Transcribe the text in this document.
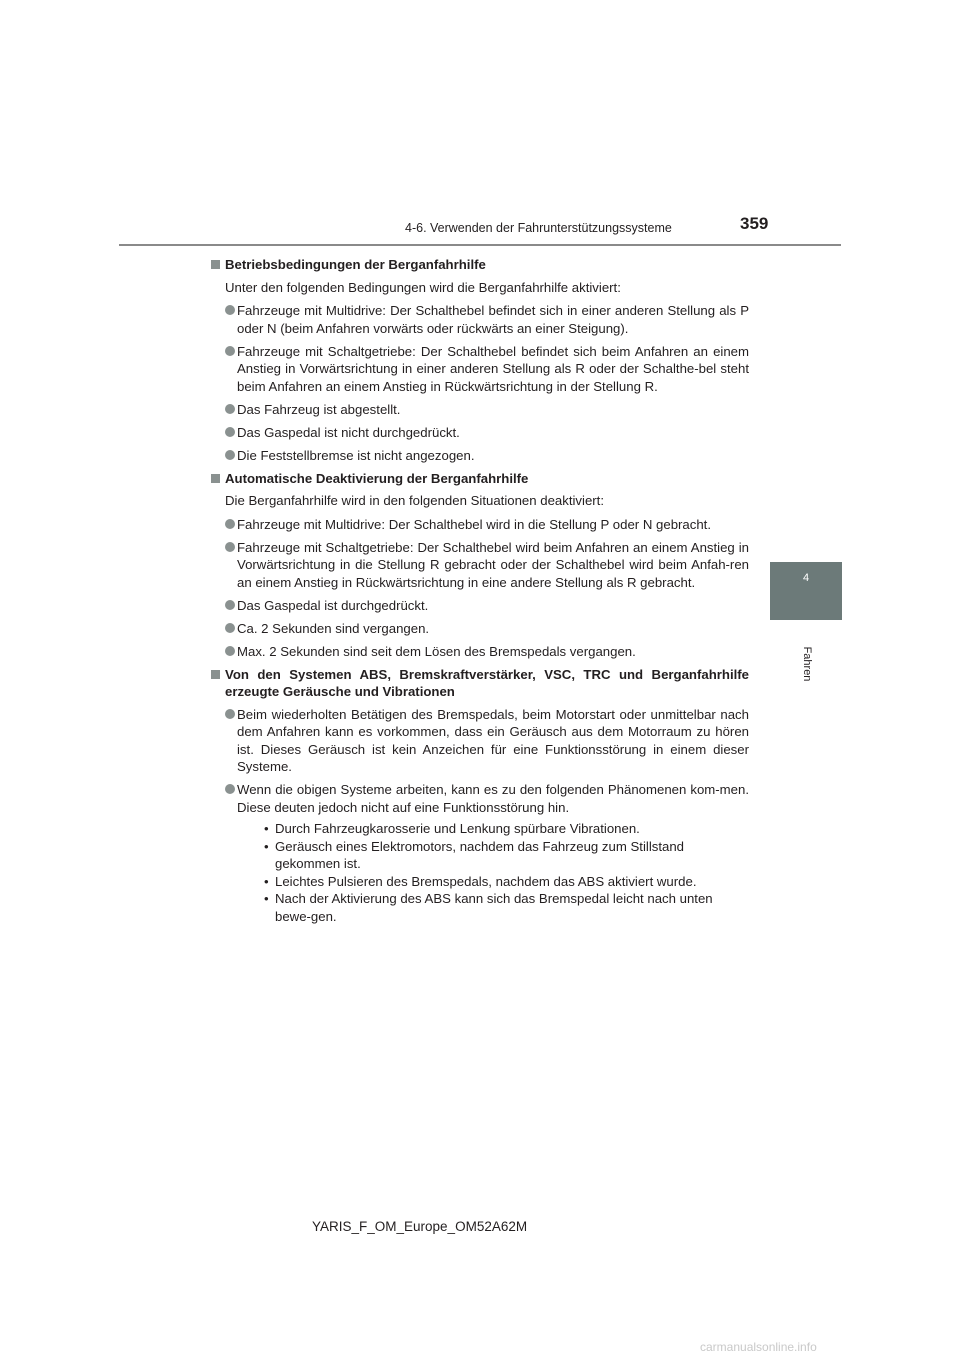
4-6. Verwenden der Fahrunterstützungssysteme	359
4
Fahren
Betriebsbedingungen der Berganfahrhilfe
Unter den folgenden Bedingungen wird die Berganfahrhilfe aktiviert:
Fahrzeuge mit Multidrive: Der Schalthebel befindet sich in einer anderen Stellung als P oder N (beim Anfahren vorwärts oder rückwärts an einer Steigung).
Fahrzeuge mit Schaltgetriebe: Der Schalthebel befindet sich beim Anfahren an einem Anstieg in Vorwärtsrichtung in einer anderen Stellung als R oder der Schalthe-bel steht beim Anfahren an einem Anstieg in Rückwärtsrichtung in der Stellung R.
Das Fahrzeug ist abgestellt.
Das Gaspedal ist nicht durchgedrückt.
Die Feststellbremse ist nicht angezogen.
Automatische Deaktivierung der Berganfahrhilfe
Die Berganfahrhilfe wird in den folgenden Situationen deaktiviert:
Fahrzeuge mit Multidrive: Der Schalthebel wird in die Stellung P oder N gebracht.
Fahrzeuge mit Schaltgetriebe: Der Schalthebel wird beim Anfahren an einem Anstieg in Vorwärtsrichtung in die Stellung R gebracht oder der Schalthebel wird beim Anfah-ren an einem Anstieg in Rückwärtsrichtung in eine andere Stellung als R gebracht.
Das Gaspedal ist durchgedrückt.
Ca. 2 Sekunden sind vergangen.
Max. 2 Sekunden sind seit dem Lösen des Bremspedals vergangen.
Von den Systemen ABS, Bremskraftverstärker, VSC, TRC und Berganfahrhilfe erzeugte Geräusche und Vibrationen
Beim wiederholten Betätigen des Bremspedals, beim Motorstart oder unmittelbar nach dem Anfahren kann es vorkommen, dass ein Geräusch aus dem Motorraum zu hören ist. Dieses Geräusch ist kein Anzeichen für eine Funktionsstörung in einem dieser Systeme.
Wenn die obigen Systeme arbeiten, kann es zu den folgenden Phänomenen kom-men. Diese deuten jedoch nicht auf eine Funktionsstörung hin.
• Durch Fahrzeugkarosserie und Lenkung spürbare Vibrationen.
• Geräusch eines Elektromotors, nachdem das Fahrzeug zum Stillstand gekommen ist.
• Leichtes Pulsieren des Bremspedals, nachdem das ABS aktiviert wurde.
• Nach der Aktivierung des ABS kann sich das Bremspedal leicht nach unten bewe-gen.
YARIS_F_OM_Europe_OM52A62M
carmanualsonline.info
